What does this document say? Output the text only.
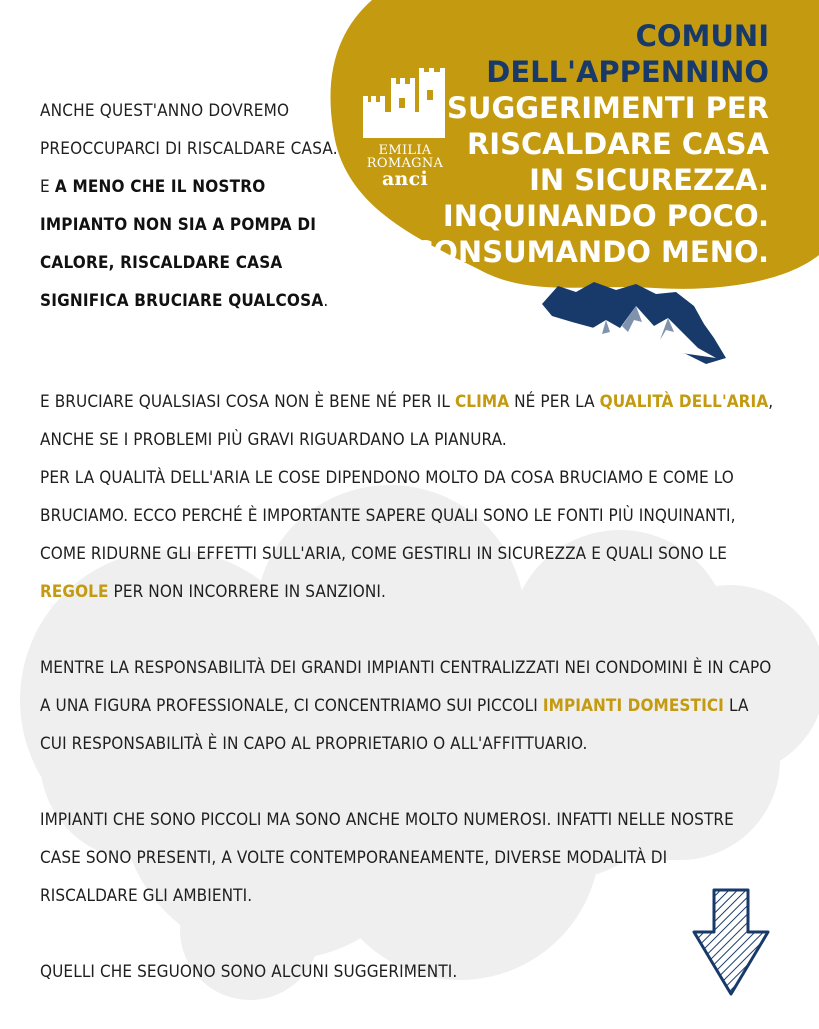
EMILIA
ROMAGNA
anci
COMUNI
DELL'APPENNINO
SUGGERIMENTI PER
RISCALDARE CASA
IN SICUREZZA.
INQUINANDO POCO.
CONSUMANDO MENO.
ANCHE QUEST'ANNO DOVREMO PREOCCUPARCI DI RISCALDARE CASA.
E A MENO CHE IL NOSTRO IMPIANTO NON SIA A POMPA DI CALORE, RISCALDARE CASA SIGNIFICA BRUCIARE QUALCOSA.

E BRUCIARE QUALSIASI COSA NON È BENE NÉ PER IL CLIMA NÉ PER LA QUALITÀ DELL'ARIA, ANCHE SE I PROBLEMI PIÙ GRAVI RIGUARDANO LA PIANURA.

PER LA QUALITÀ DELL'ARIA LE COSE DIPENDONO MOLTO DA COSA BRUCIAMO E COME LO BRUCIAMO. ECCO PERCHÉ È IMPORTANTE SAPERE QUALI SONO LE FONTI PIÙ INQUINANTI, COME RIDURNE GLI EFFETTI SULL'ARIA, COME GESTIRLI IN SICUREZZA E QUALI SONO LE REGOLE PER NON INCORRERE IN SANZIONI.

MENTRE LA RESPONSABILITÀ DEI GRANDI IMPIANTI CENTRALIZZATI NEI CONDOMINI È IN CAPO A UNA FIGURA PROFESSIONALE, CI CONCENTRIAMO SUI PICCOLI IMPIANTI DOMESTICI LA CUI RESPONSABILITÀ È IN CAPO AL PROPRIETARIO O ALL'AFFITTUARIO.

IMPIANTI CHE SONO PICCOLI MA SONO ANCHE MOLTO NUMEROSI. INFATTI NELLE NOSTRE CASE SONO PRESENTI, A VOLTE CONTEMPORANEAMENTE, DIVERSE MODALITÀ DI RISCALDARE GLI AMBIENTI.

QUELLI CHE SEGUONO SONO ALCUNI SUGGERIMENTI.
